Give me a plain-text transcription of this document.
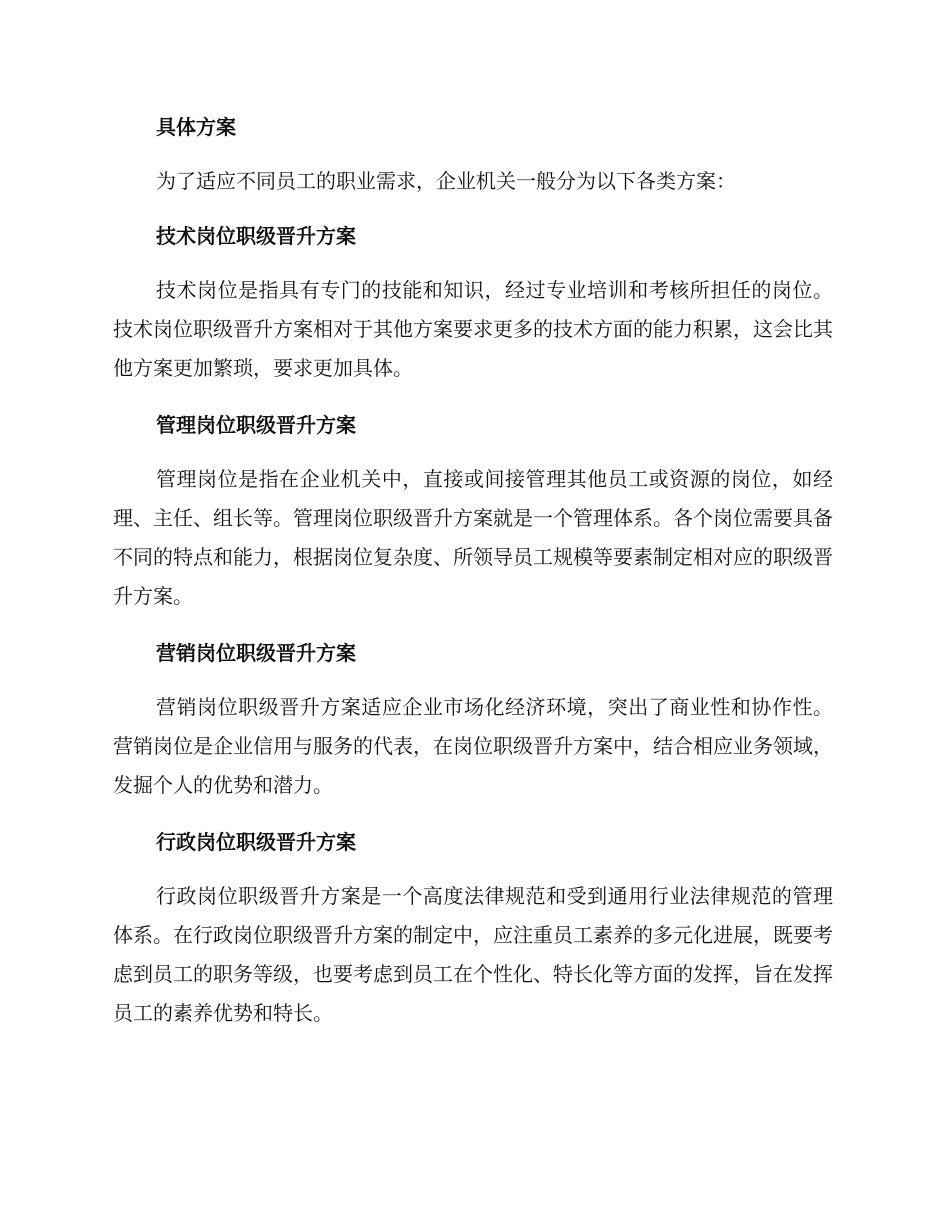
具体方案

为了适应不同员工的职业需求，企业机关一般分为以下各类方案：

技术岗位职级晋升方案

技术岗位是指具有专门的技能和知识，经过专业培训和考核所担任的岗位。技术岗位职级晋升方案相对于其他方案要求更多的技术方面的能力积累，这会比其他方案更加繁琐，要求更加具体。

管理岗位职级晋升方案

管理岗位是指在企业机关中，直接或间接管理其他员工或资源的岗位，如经理、主任、组长等。管理岗位职级晋升方案就是一个管理体系。各个岗位需要具备不同的特点和能力，根据岗位复杂度、所领导员工规模等要素制定相对应的职级晋升方案。

营销岗位职级晋升方案

营销岗位职级晋升方案适应企业市场化经济环境，突出了商业性和协作性。营销岗位是企业信用与服务的代表，在岗位职级晋升方案中，结合相应业务领域，发掘个人的优势和潜力。

行政岗位职级晋升方案

行政岗位职级晋升方案是一个高度法律规范和受到通用行业法律规范的管理体系。在行政岗位职级晋升方案的制定中，应注重员工素养的多元化进展，既要考虑到员工的职务等级，也要考虑到员工在个性化、特长化等方面的发挥，旨在发挥员工的素养优势和特长。
